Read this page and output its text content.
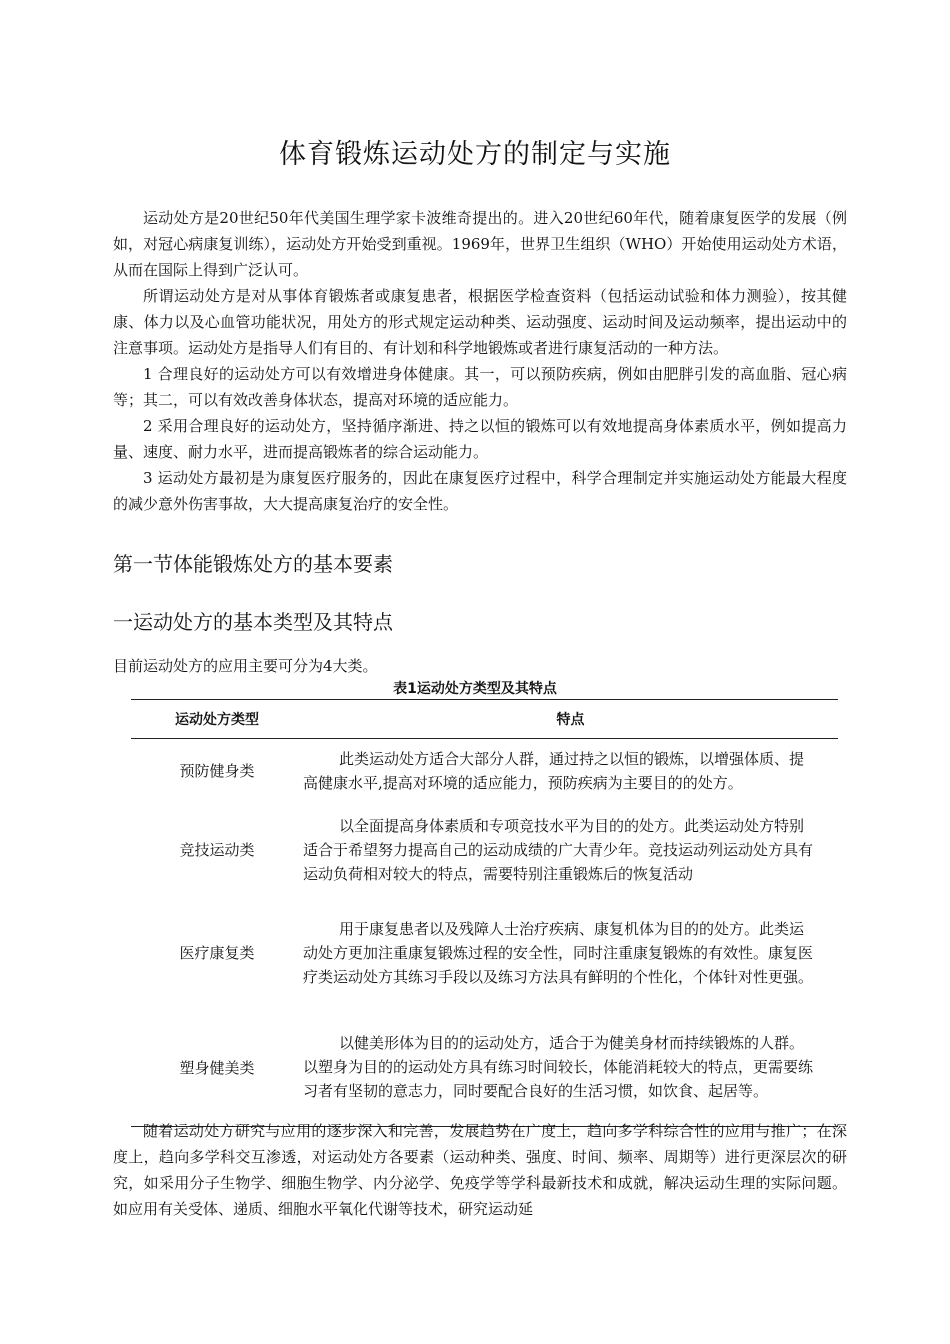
体育锻炼运动处方的制定与实施

运动处方是20世纪50年代美国生理学家卡波维奇提出的。进入20世纪60年代，随着康复医学的发展（例如，对冠心病康复训练），运动处方开始受到重视。1969年，世界卫生组织（WHO）开始使用运动处方术语，从而在国际上得到广泛认可。

所谓运动处方是对从事体育锻炼者或康复患者，根据医学检查资料（包括运动试验和体力测验），按其健康、体力以及心血管功能状况，用处方的形式规定运动种类、运动强度、运动时间及运动频率，提出运动中的注意事项。运动处方是指导人们有目的、有计划和科学地锻炼或者进行康复活动的一种方法。

1 合理良好的运动处方可以有效增进身体健康。其一，可以预防疾病，例如由肥胖引发的高血脂、冠心病等；其二，可以有效改善身体状态，提高对环境的适应能力。

2 采用合理良好的运动处方，坚持循序渐进、持之以恒的锻炼可以有效地提高身体素质水平，例如提高力量、速度、耐力水平，进而提高锻炼者的综合运动能力。

3 运动处方最初是为康复医疗服务的，因此在康复医疗过程中，科学合理制定并实施运动处方能最大程度的减少意外伤害事故，大大提高康复治疗的安全性。

第一节体能锻炼处方的基本要素
一运动处方的基本类型及其特点
目前运动处方的应用主要可分为4大类。
表1运动处方类型及其特点
运动处方类型	特点
预防健身类	此类运动处方适合大部分人群，通过持之以恒的锻炼，以增强体质、提高健康水平,提高对环境的适应能力，预防疾病为主要目的的处方。
竞技运动类	以全面提高身体素质和专项竞技水平为目的的处方。此类运动处方特别适合于希望努力提高自己的运动成绩的广大青少年。竞技运动列运动处方具有运动负荷相对较大的特点，需要特别注重锻炼后的恢复活动
医疗康复类	用于康复患者以及残障人士治疗疾病、康复机体为目的的处方。此类运动处方更加注重康复锻炼过程的安全性，同时注重康复锻炼的有效性。康复医疗类运动处方其练习手段以及练习方法具有鲜明的个性化，个体针对性更强。
塑身健美类	以健美形体为目的的运动处方，适合于为健美身材而持续锻炼的人群。以塑身为目的的运动处方具有练习时间较长，体能消耗较大的特点，更需要练习者有坚韧的意志力，同时要配合良好的生活习惯，如饮食、起居等。

随着运动处方研究与应用的逐步深入和完善，发展趋势在广度上，趋向多学科综合性的应用与推广；在深度上，趋向多学科交互渗透，对运动处方各要素（运动种类、强度、时间、频率、周期等）进行更深层次的研究，如采用分子生物学、细胞生物学、内分泌学、免疫学等学科最新技术和成就，解决运动生理的实际问题。如应用有关受体、递质、细胞水平氧化代谢等技术，研究运动延
